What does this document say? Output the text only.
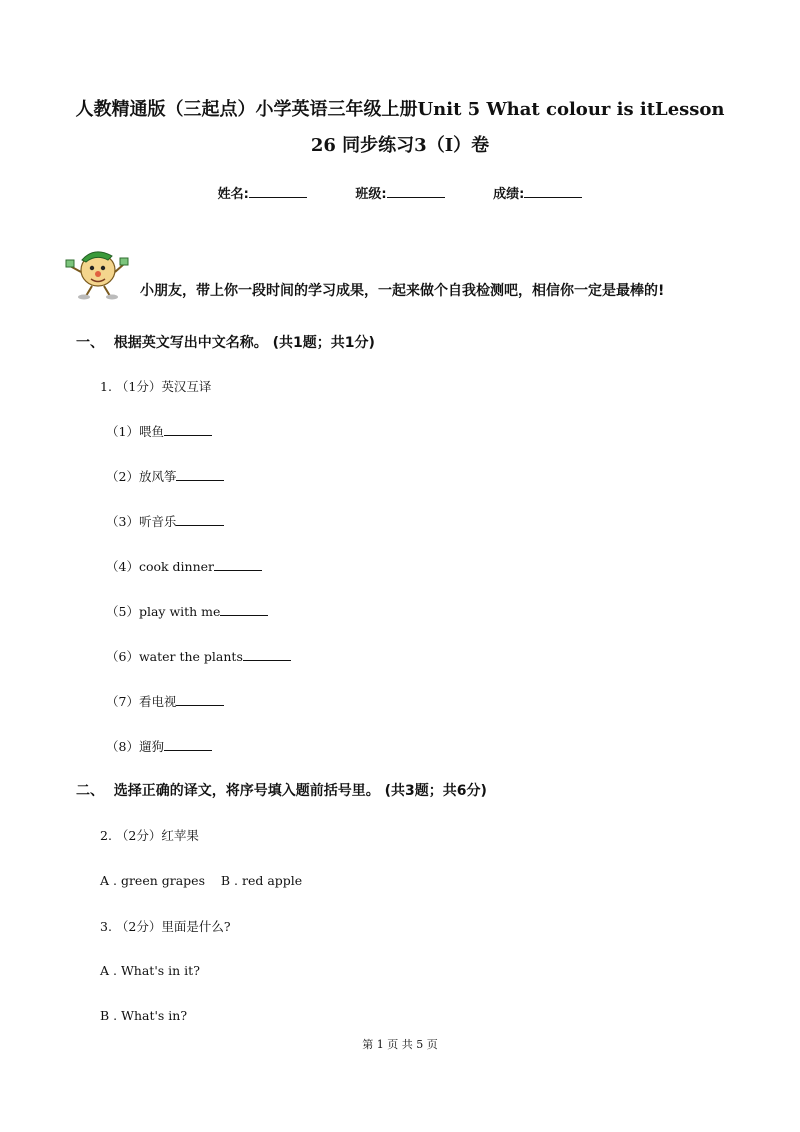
人教精通版（三起点）小学英语三年级上册Unit 5 What colour is itLesson
26 同步练习3（I）卷
姓名:	班级:	成绩:
小朋友，带上你一段时间的学习成果，一起来做个自我检测吧，相信你一定是最棒的!
一、  根据英文写出中文名称。 (共1题；共1分)
1. （1分）英汉互译
（1）喂鱼
（2）放风筝
（3）听音乐
（4）cook dinner
（5）play with me
（6）water the plants
（7）看电视
（8）遛狗
二、  选择正确的译文，将序号填入题前括号里。 (共3题；共6分)
2. （2分）红苹果
A . green grapes    B . red apple
3. （2分）里面是什么?
A . What's in it?
B . What's in?
第 1 页 共 5 页
